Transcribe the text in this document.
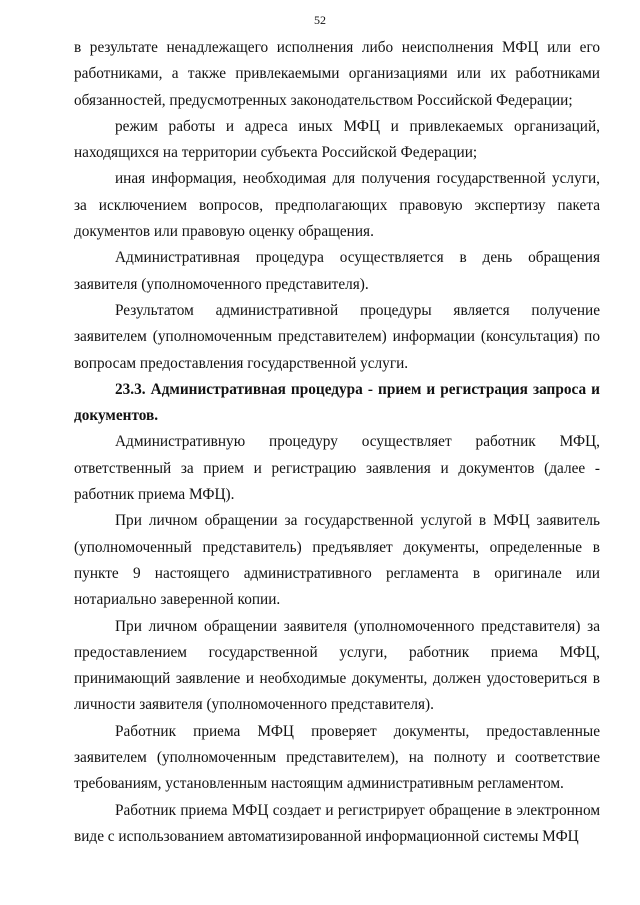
52

в результате ненадлежащего исполнения либо неисполнения МФЦ или его работниками, а также привлекаемыми организациями или их работниками обязанностей, предусмотренных законодательством Российской Федерации;

режим работы и адреса иных МФЦ и привлекаемых организаций, находящихся на территории субъекта Российской Федерации;

иная информация, необходимая для получения государственной услуги, за исключением вопросов, предполагающих правовую экспертизу пакета документов или правовую оценку обращения.

Административная процедура осуществляется в день обращения заявителя (уполномоченного представителя).

Результатом административной процедуры является получение заявителем (уполномоченным представителем) информации (консультация) по вопросам предоставления государственной услуги.

23.3. Административная процедура - прием и регистрация запроса и документов.

Административную процедуру осуществляет работник МФЦ, ответственный за прием и регистрацию заявления и документов (далее - работник приема МФЦ).

При личном обращении за государственной услугой в МФЦ заявитель (уполномоченный представитель) предъявляет документы, определенные в пункте 9 настоящего административного регламента в оригинале или нотариально заверенной копии.

При личном обращении заявителя (уполномоченного представителя) за предоставлением государственной услуги, работник приема МФЦ, принимающий заявление и необходимые документы, должен удостовериться в личности заявителя (уполномоченного представителя).

Работник приема МФЦ проверяет документы, предоставленные заявителем (уполномоченным представителем), на полноту и соответствие требованиям, установленным настоящим административным регламентом.

Работник приема МФЦ создает и регистрирует обращение в электронном виде с использованием автоматизированной информационной системы МФЦ
